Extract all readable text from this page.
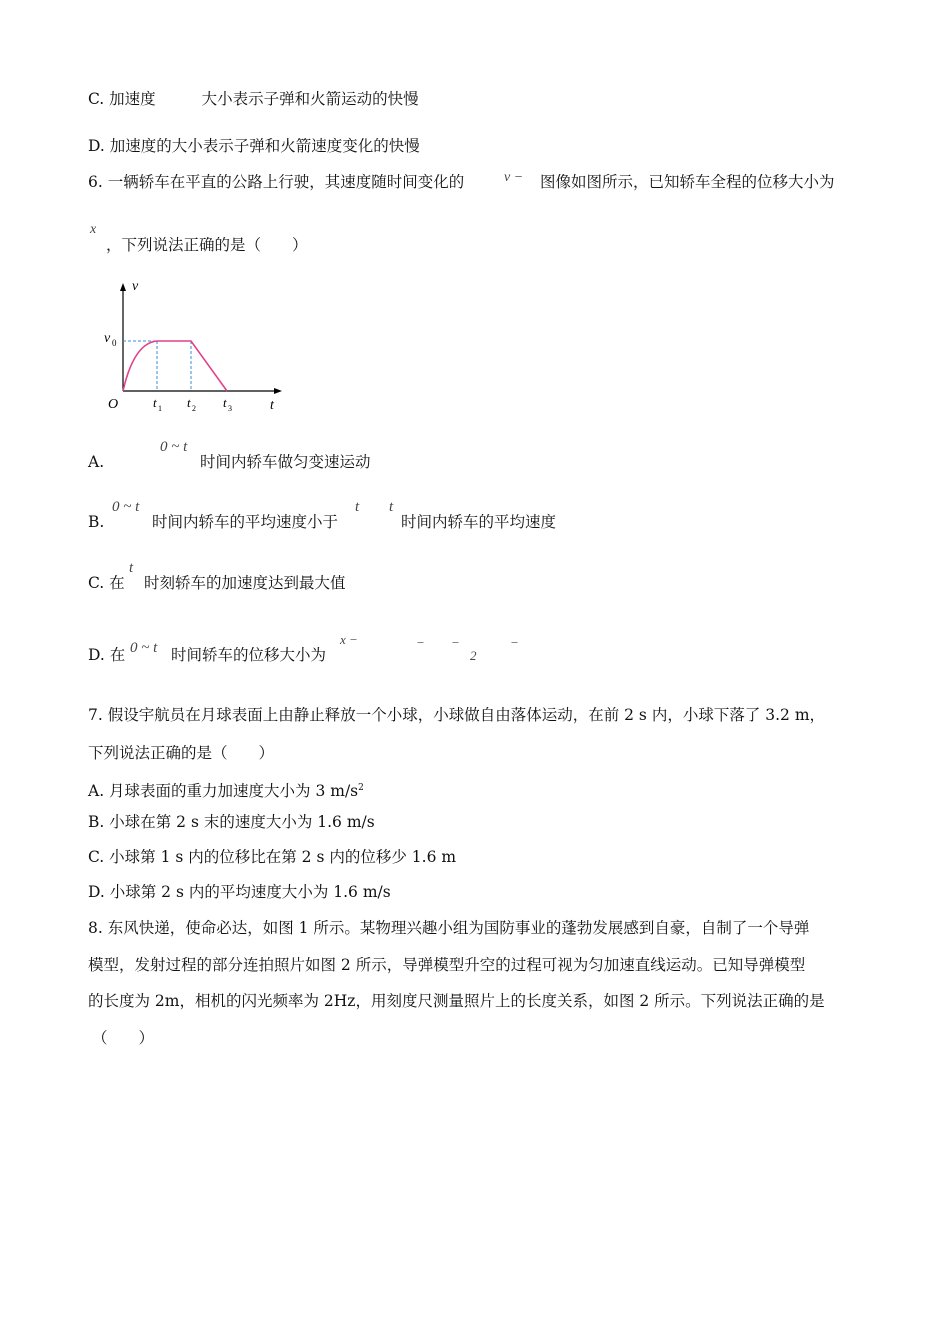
C. 加速度	大小表示子弹和火箭运动的快慢
D. 加速度的大小表示子弹和火箭速度变化的快慢
6. 一辆轿车在平直的公路上行驶，其速度随时间变化的	v − 图像如图所示，已知轿车全程的位移大小为
x
，下列说法正确的是（　　）
v
t
O
v 0
t 1 t 2 t 3
A.
0 ~ t
时间内轿车做匀变速运动
B.
0 ~ t
时间内轿车的平均速度小于
t t
时间内轿车的平均速度
C. 在
t
时刻轿车的加速度达到最大值
D. 在 0 ~ t 时间轿车的位移大小为
x −	− −
2
−
7. 假设宇航员在月球表面上由静止释放一个小球，小球做自由落体运动，在前 2 s 内，小球下落了 3.2 m，
下列说法正确的是（　　）
A. 月球表面的重力加速度大小为 3 $m/s^2$
B. 小球在第 2 s 末的速度大小为 1.6 m/s
C. 小球第 1 s 内的位移比在第 2 s 内的位移少 1.6 m
D. 小球第 2 s 内的平均速度大小为 1.6 m/s
8. 东风快递，使命必达，如图 1 所示。某物理兴趣小组为国防事业的蓬勃发展感到自豪，自制了一个导弹
模型，发射过程的部分连拍照片如图 2 所示，导弹模型升空的过程可视为匀加速直线运动。已知导弹模型
的长度为 2m，相机的闪光频率为 2Hz，用刻度尺测量照片上的长度关系，如图 2 所示。下列说法正确的是
（　　）
